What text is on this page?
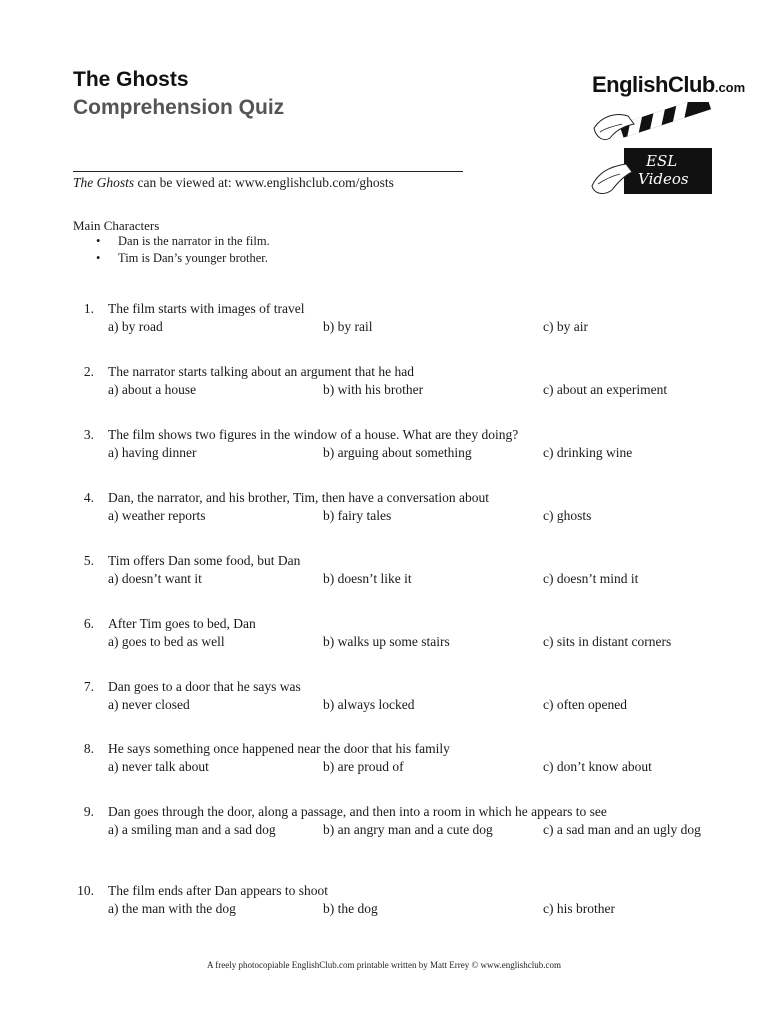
The Ghosts
Comprehension Quiz
EnglishClub.com
ESL
Videos
The Ghosts can be viewed at: www.englishclub.com/ghosts
Main Characters
• Dan is the narrator in the film.
• Tim is Dan’s younger brother.
1. The film starts with images of travel
a) by road	b) by rail	c) by air
2. The narrator starts talking about an argument that he had
a) about a house	b) with his brother	c) about an experiment
3. The film shows two figures in the window of a house. What are they doing?
a) having dinner	b) arguing about something	c) drinking wine
4. Dan, the narrator, and his brother, Tim, then have a conversation about
a) weather reports	b) fairy tales	c) ghosts
5. Tim offers Dan some food, but Dan
a) doesn’t want it	b) doesn’t like it	c) doesn’t mind it
6. After Tim goes to bed, Dan
a) goes to bed as well	b) walks up some stairs	c) sits in distant corners
7. Dan goes to a door that he says was
a) never closed	b) always locked	c) often opened
8. He says something once happened near the door that his family
a) never talk about	b) are proud of	c) don’t know about
9. Dan goes through the door, along a passage, and then into a room in which he appears to see
a) a smiling man and a sad dog	b) an angry man and a cute dog	c) a sad man and an ugly dog
10. The film ends after Dan appears to shoot
a) the man with the dog	b) the dog	c) his brother
A freely photocopiable EnglishClub.com printable written by Matt Errey © www.englishclub.com
